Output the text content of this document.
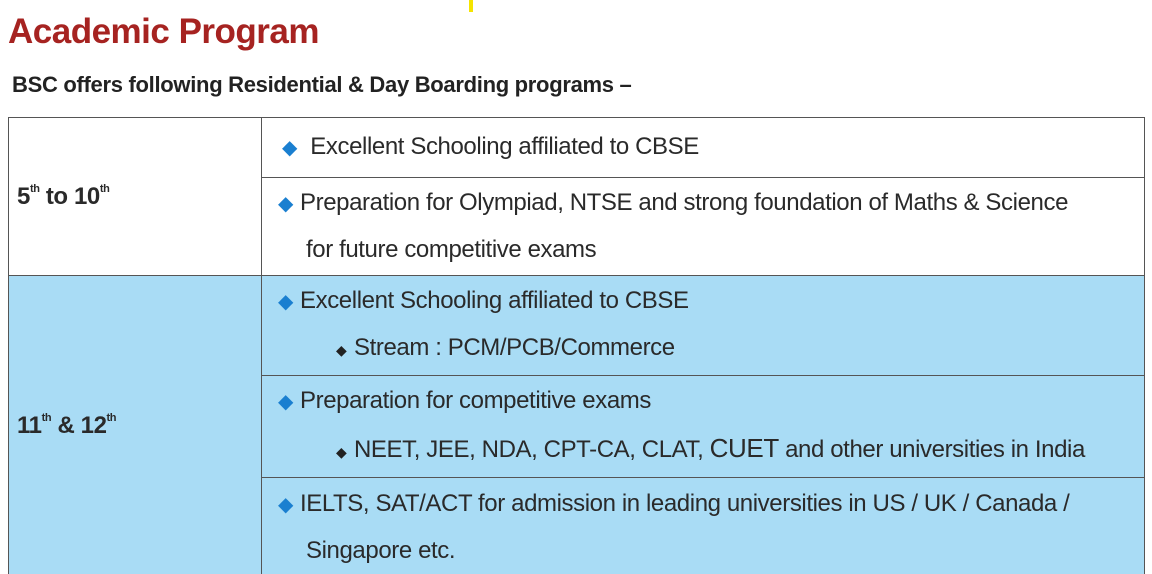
Academic Program

BSC offers following Residential & Day Boarding programs –

5th to 10th	◆ Excellent Schooling affiliated to CBSE

	◆ Preparation for Olympiad, NTSE and strong foundation of Maths & Science
for future competitive exams

11th & 12th	◆ Excellent Schooling affiliated to CBSE
◆ Stream : PCM/PCB/Commerce

	◆ Preparation for competitive exams
◆ NEET, JEE, NDA, CPT-CA, CLAT, CUET and other universities in India

	◆ IELTS, SAT/ACT for admission in leading universities in US / UK / Canada /
Singapore etc.
